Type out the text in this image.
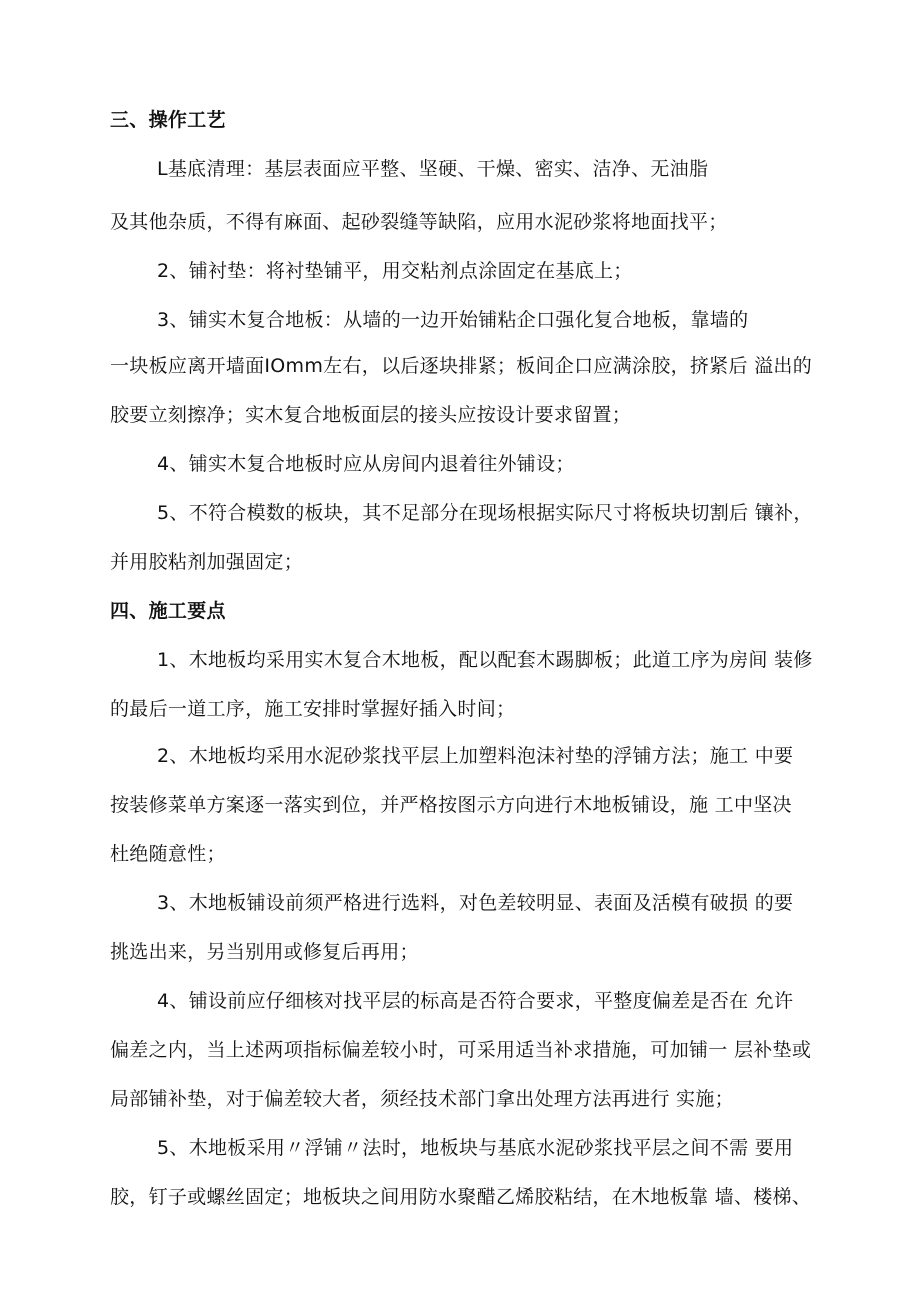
三、操作工艺

L基底清理：基层表面应平整、坚硬、干燥、密实、洁净、无油脂

及其他杂质，不得有麻面、起砂裂缝等缺陷，应用水泥砂浆将地面找平；

2、铺衬垫：将衬垫铺平，用交粘剂点涂固定在基底上；

3、铺实木复合地板：从墙的一边开始铺粘企口强化复合地板，靠墙的

一块板应离开墙面IOmm左右，以后逐块排紧；板间企口应满涂胶，挤紧后 溢出的

胶要立刻擦净；实木复合地板面层的接头应按设计要求留置；

4、铺实木复合地板时应从房间内退着往外铺设；

5、不符合模数的板块，其不足部分在现场根据实际尺寸将板块切割后 镶补，

并用胶粘剂加强固定；

四、施工要点

1、木地板均采用实木复合木地板，配以配套木踢脚板；此道工序为房间 装修

的最后一道工序，施工安排时掌握好插入时间；

2、木地板均采用水泥砂浆找平层上加塑料泡沫衬垫的浮铺方法；施工 中要

按装修菜单方案逐一落实到位，并严格按图示方向进行木地板铺设，施 工中坚决

杜绝随意性；

3、木地板铺设前须严格进行选料，对色差较明显、表面及活模有破损 的要

挑选出来，另当别用或修复后再用；

4、铺设前应仔细核对找平层的标高是否符合要求，平整度偏差是否在 允许

偏差之内，当上述两项指标偏差较小时，可采用适当补求措施，可加铺一 层补垫或

局部铺补垫，对于偏差较大者，须经技术部门拿出处理方法再进行 实施；

5、木地板采用〃浮铺〃法时，地板块与基底水泥砂浆找平层之间不需 要用

胶，钉子或螺丝固定；地板块之间用防水聚醋乙烯胶粘结，在木地板靠 墙、楼梯、
